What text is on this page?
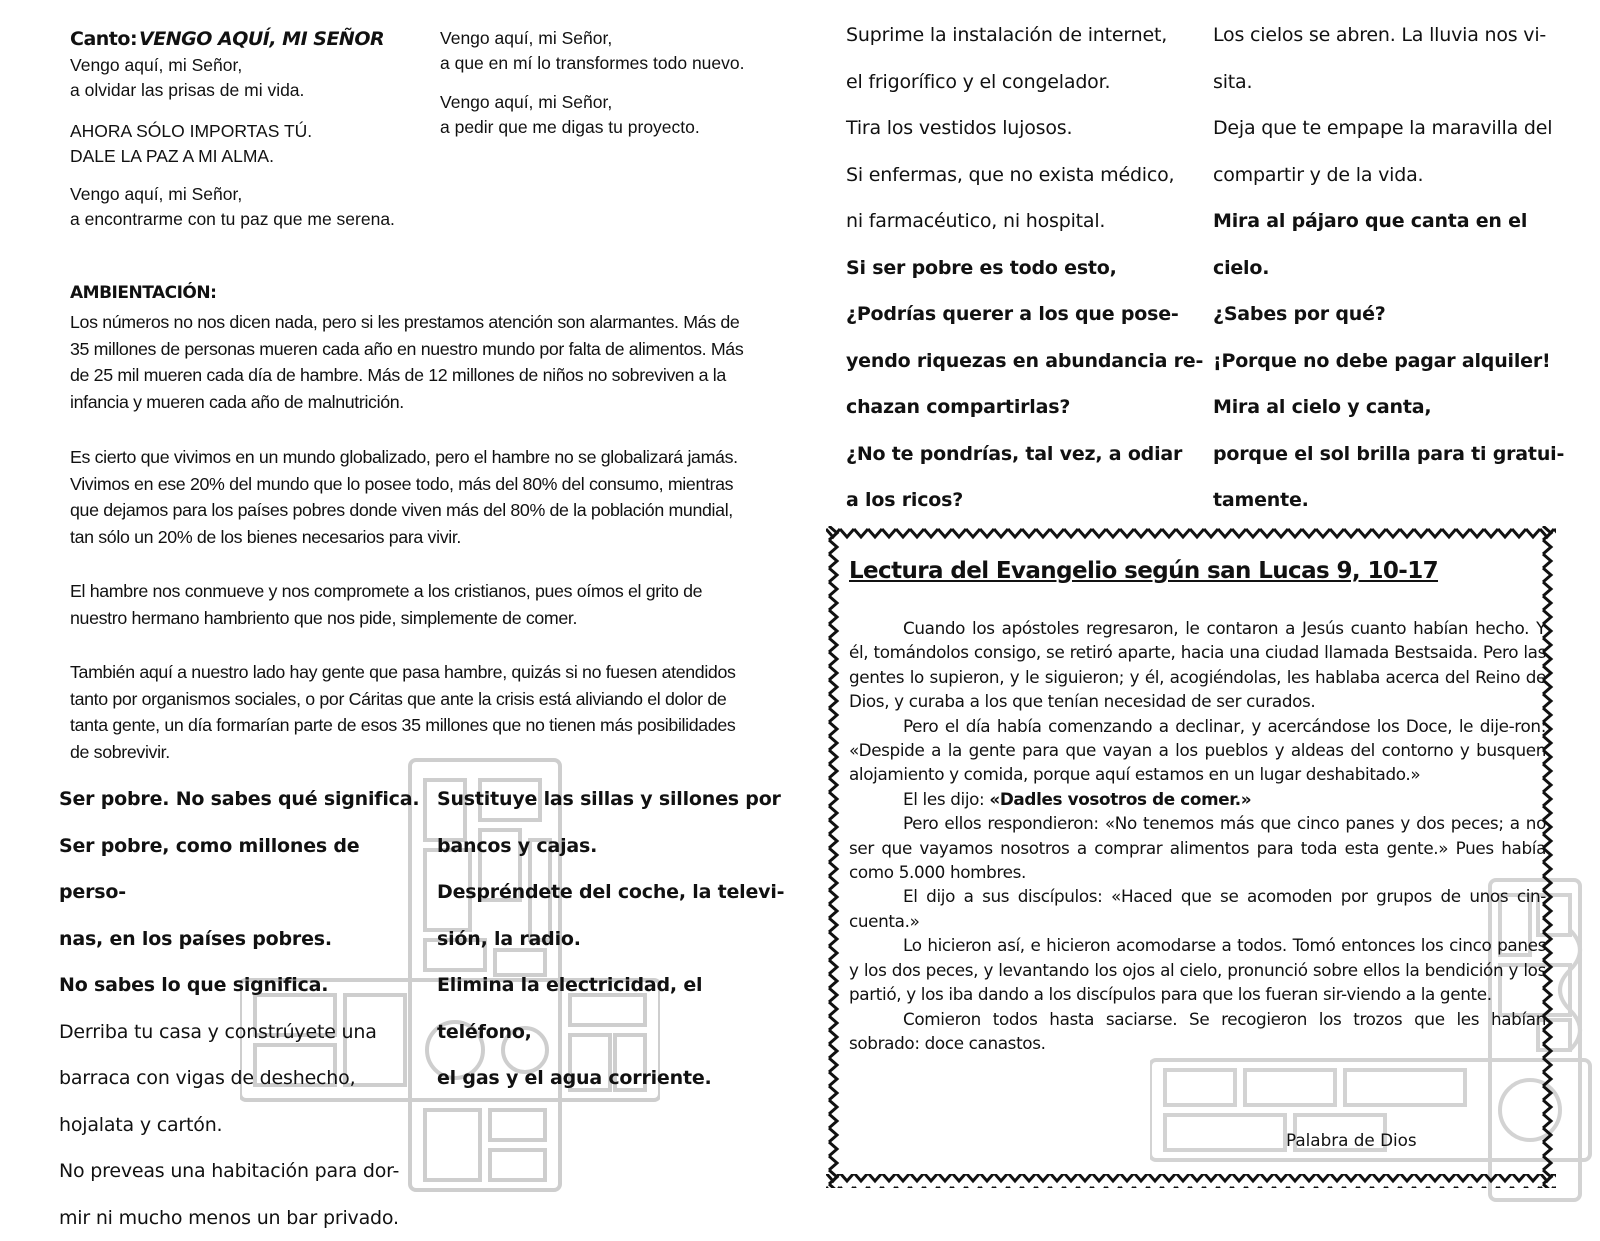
Canto: VENGO AQUÍ, MI SEÑOR
Vengo aquí, mi Señor,
a olvidar las prisas de mi vida.
AHORA SÓLO IMPORTAS TÚ.
DALE LA PAZ A MI ALMA.
Vengo aquí, mi Señor,
a encontrarme con tu paz que me serena.
Vengo aquí, mi Señor,
a que en mí lo transformes todo nuevo.
Vengo aquí, mi Señor,
a pedir que me digas tu proyecto.
AMBIENTACIÓN:
Los números no nos dicen nada, pero si les prestamos atención son alarmantes. Más de
35 millones de personas mueren cada año en nuestro mundo por falta de alimentos. Más
de 25 mil mueren cada día de hambre. Más de 12 millones de niños no sobreviven a la
infancia y mueren cada año de malnutrición.
Es cierto que vivimos en un mundo globalizado, pero el hambre no se globalizará jamás.
Vivimos en ese 20% del mundo que lo posee todo, más del 80% del consumo, mientras
que dejamos para los países pobres donde viven más del 80% de la población mundial,
tan sólo un 20% de los bienes necesarios para vivir.
El hambre nos conmueve y nos compromete a los cristianos, pues oímos el grito de
nuestro hermano hambriento que nos pide, simplemente de comer.
También aquí a nuestro lado hay gente que pasa hambre, quizás si no fuesen atendidos
tanto por organismos sociales, o por Cáritas que ante la crisis está aliviando el dolor de
tanta gente, un día formarían parte de esos 35 millones que no tienen más posibilidades
de sobrevivir.
Ser pobre. No sabes qué significa.
Ser pobre, como millones de perso-
nas, en los países pobres.
No sabes lo que significa.
Derriba tu casa y constrúyete una
barraca con vigas de deshecho,
hojalata y cartón.
No preveas una habitación para dor-
mir ni mucho menos un bar privado.
Sustituye las sillas y sillones por
bancos y cajas.
Despréndete del coche, la televi-
sión, la radio.
Elimina la electricidad, el teléfono,
el gas y el agua corriente.
Suprime la instalación de internet,
el frigorífico y el congelador.
Tira los vestidos lujosos.
Si enfermas, que no exista médico,
ni farmacéutico, ni hospital.
Si ser pobre es todo esto,
¿Podrías querer a los que pose-
yendo riquezas en abundancia re-
chazan compartirlas?
¿No te pondrías, tal vez, a odiar
a los ricos?
Los cielos se abren. La lluvia nos vi-
sita.
Deja que te empape la maravilla del
compartir y de la vida.
Mira al pájaro que canta en el
cielo.
¿Sabes por qué?
¡Porque no debe pagar alquiler!
Mira al cielo y canta,
porque el sol brilla para ti gratui-
tamente.
Lectura del Evangelio según san Lucas 9, 10-17

Cuando los apóstoles regresaron, le contaron a Jesús cuanto habían hecho. Y él, tomándolos consigo, se retiró aparte, hacia una ciudad llamada Bestsaida. Pero las gentes lo supieron, y le siguieron; y él, acogiéndolas, les hablaba acerca del Reino de Dios, y curaba a los que tenían necesidad de ser curados.

Pero el día había comenzando a declinar, y acercándose los Doce, le dije-ron: «Despide a la gente para que vayan a los pueblos y aldeas del contorno y busquen alojamiento y comida, porque aquí estamos en un lugar deshabitado.»

El les dijo: «Dadles vosotros de comer.»

Pero ellos respondieron: «No tenemos más que cinco panes y dos peces; a no ser que vayamos nosotros a comprar alimentos para toda esta gente.» Pues había como 5.000 hombres.

El dijo a sus discípulos: «Haced que se acomoden por grupos de unos cin-cuenta.»

Lo hicieron así, e hicieron acomodarse a todos. Tomó entonces los cinco panes y los dos peces, y levantando los ojos al cielo, pronunció sobre ellos la bendición y los partió, y los iba dando a los discípulos para que los fueran sir-viendo a la gente.

Comieron todos hasta saciarse. Se recogieron los trozos que les habían sobrado: doce canastos.

Palabra de Dios
